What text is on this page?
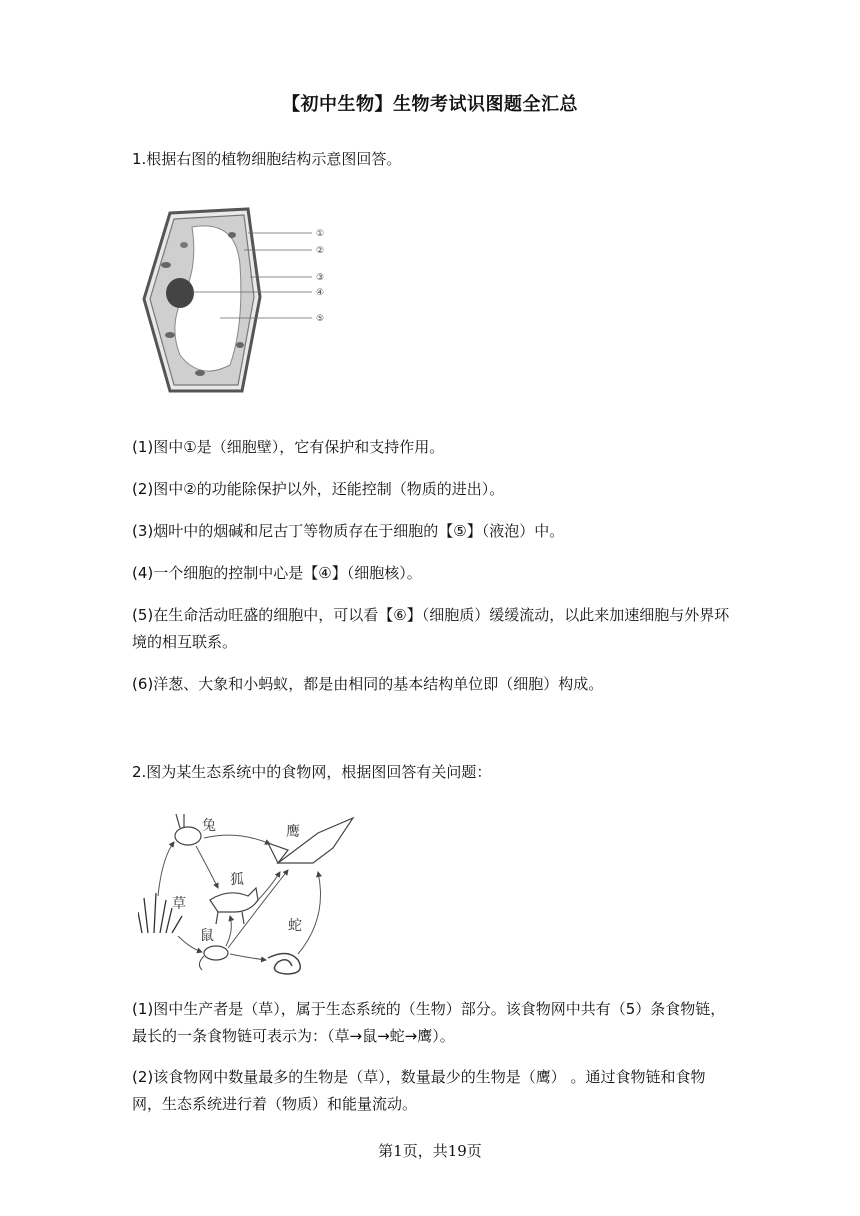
【初中生物】生物考试识图题全汇总
1.根据右图的植物细胞结构示意图回答。
①
②
③
④
⑤
(1)图中①是（细胞壁），它有保护和支持作用。
(2)图中②的功能除保护以外，还能控制（物质的进出）。
(3)烟叶中的烟碱和尼古丁等物质存在于细胞的【⑤】（液泡）中。
(4)一个细胞的控制中心是【④】（细胞核）。
(5)在生命活动旺盛的细胞中，可以看【⑥】（细胞质）缓缓流动，以此来加速细胞与外界环境的相互联系。
(6)洋葱、大象和小蚂蚁，都是由相同的基本结构单位即（细胞）构成。
2.图为某生态系统中的食物网，根据图回答有关问题：
兔	鹰
狐
草
鼠
蛇
(1)图中生产者是（草），属于生态系统的（生物）部分。该食物网中共有（5）条食物链，最长的一条食物链可表示为：（草→鼠→蛇→鹰）。
(2)该食物网中数量最多的生物是（草），数量最少的生物是（鹰） 。通过食物链和食物网，生态系统进行着（物质）和能量流动。
第1页，共19页
